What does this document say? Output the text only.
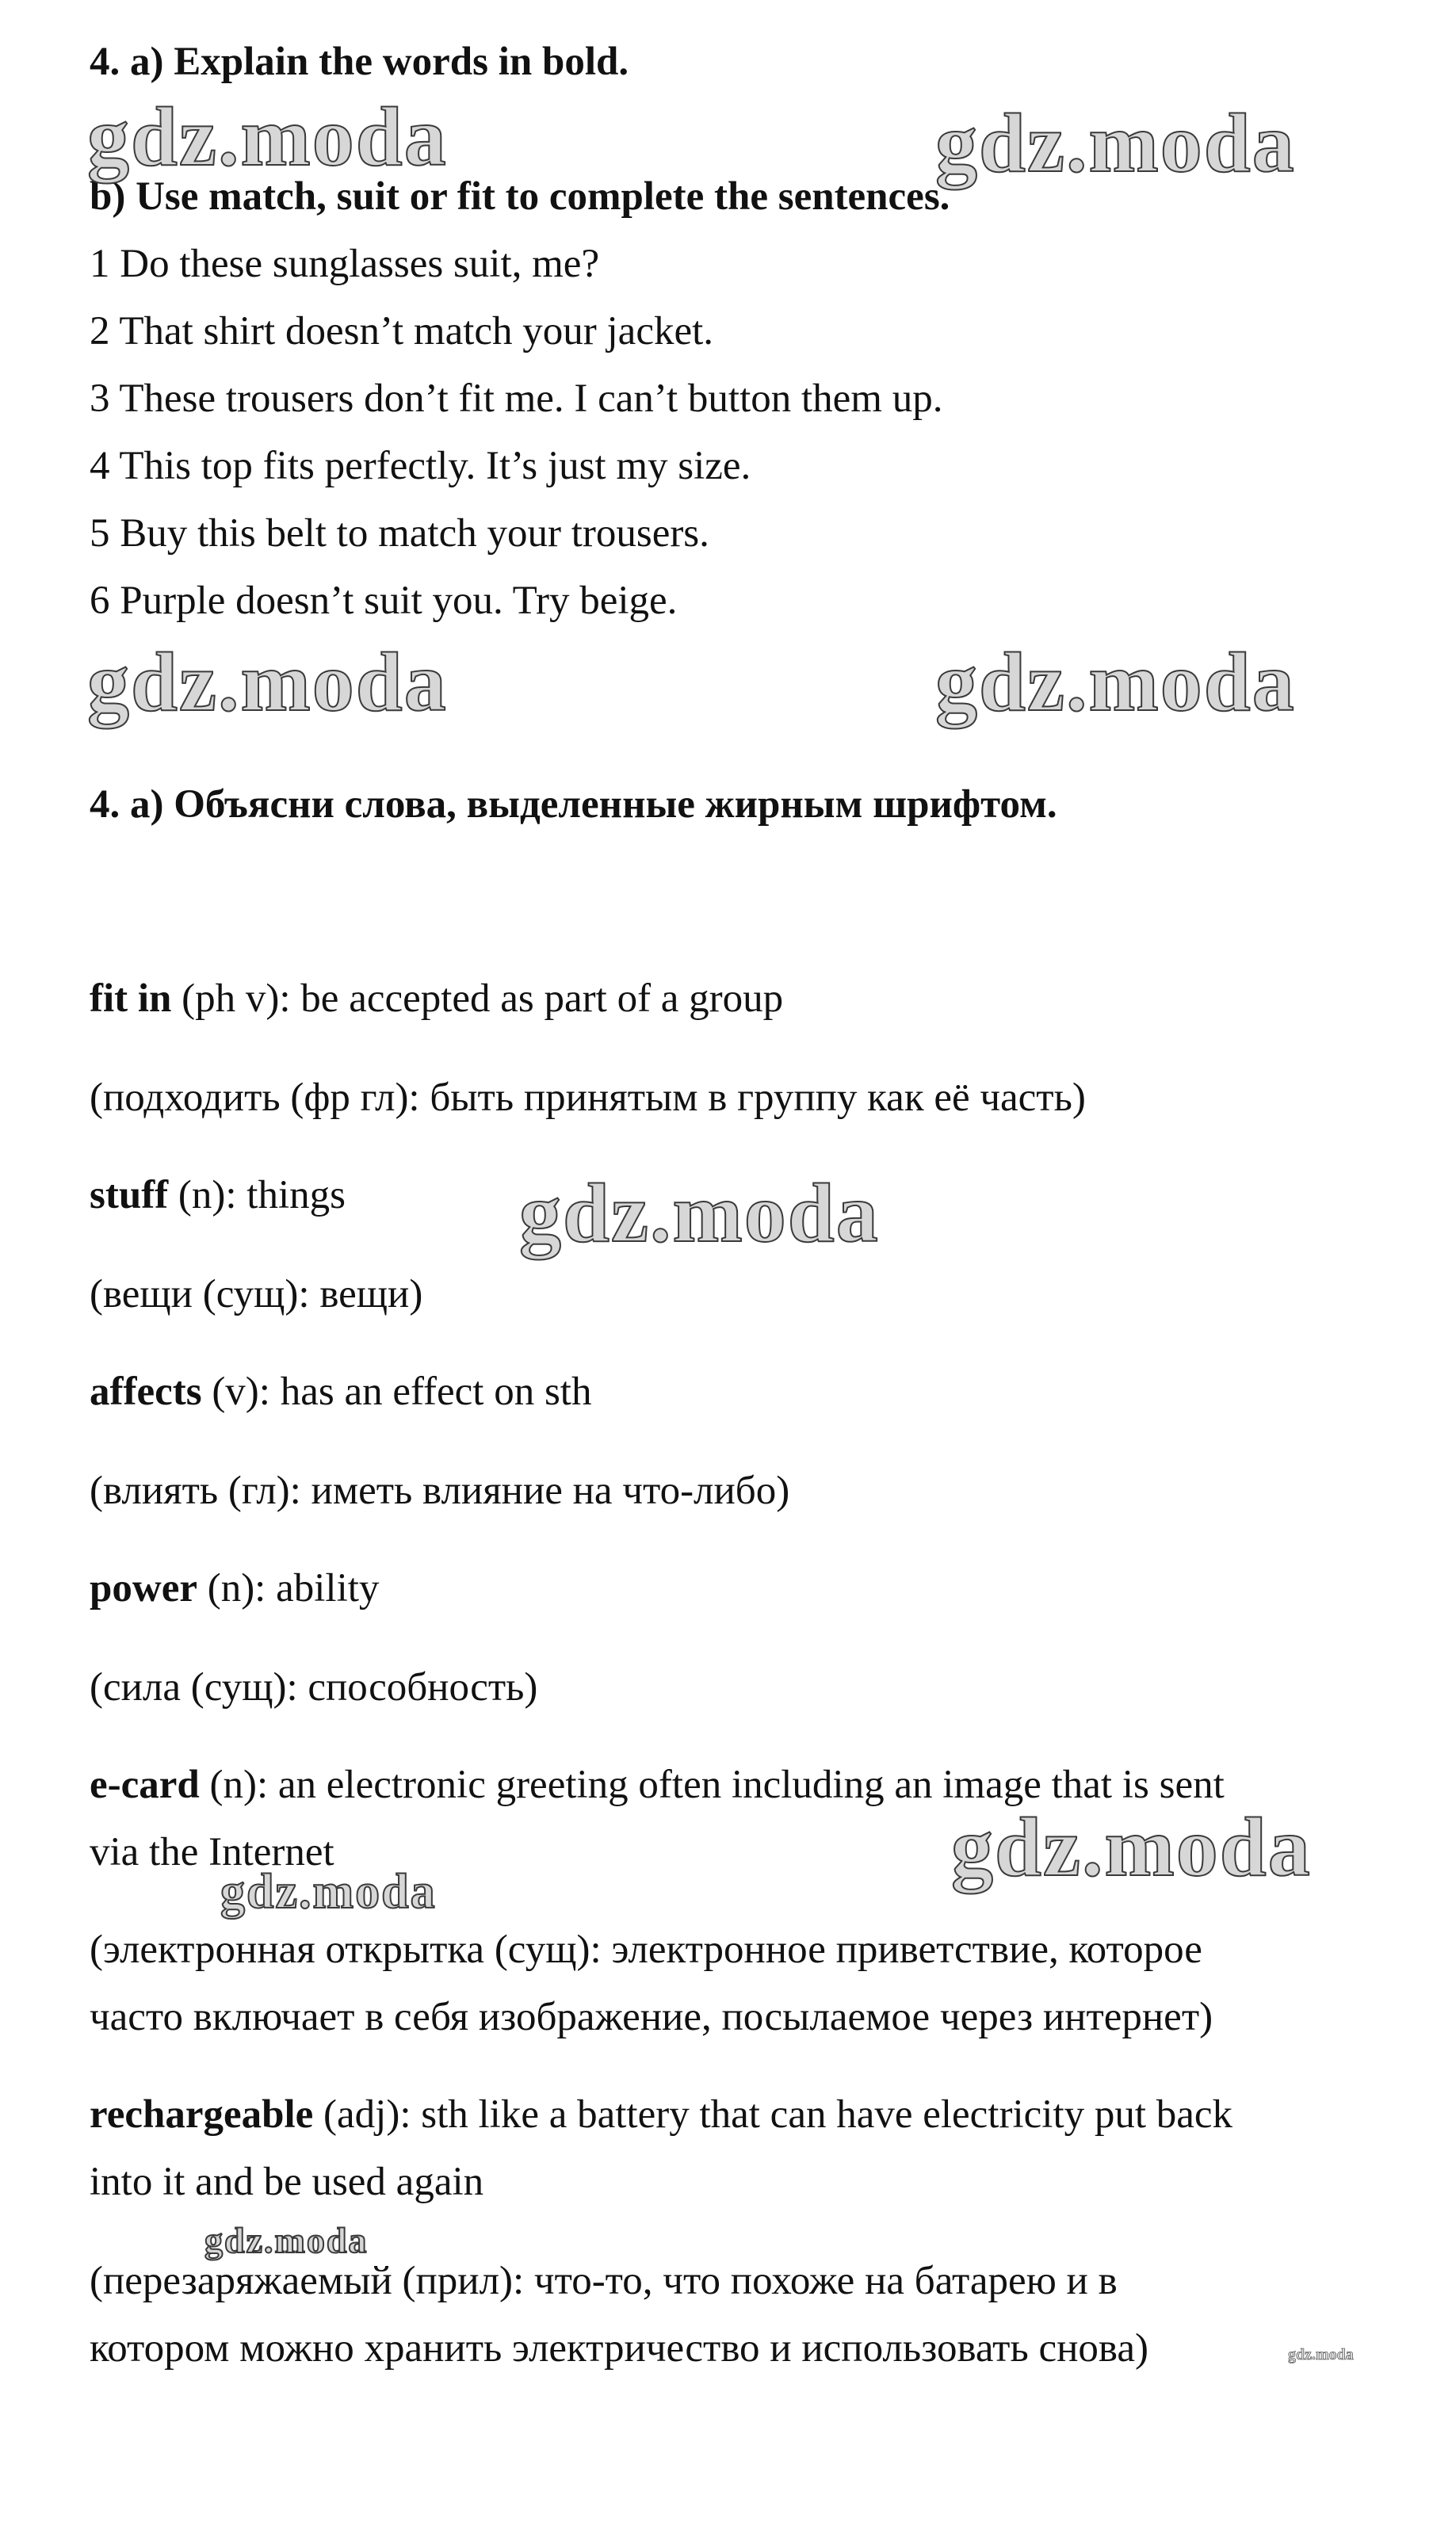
4. a) Explain the words in bold.
b) Use match, suit or fit to complete the sentences.
1 Do these sunglasses suit, me?
2 That shirt doesn’t match your jacket.
3 These trousers don’t fit me. I can’t button them up.
4 This top fits perfectly. It’s just my size.
5 Buy this belt to match your trousers.
6 Purple doesn’t suit you. Try beige.
4. а) Объясни слова, выделенные жирным шрифтом.
fit in (ph v): be accepted as part of a group
(подходить (фр гл): быть принятым в группу как её часть)
stuff (n): things
(вещи (сущ): вещи)
affects (v): has an effect on sth
(влиять (гл): иметь влияние на что-либо)
power (n): ability
(сила (сущ): способность)
e-card (n): an electronic greeting often including an image that is sent
via the Internet
(электронная открытка (сущ): электронное приветствие, которое
часто включает в себя изображение, посылаемое через интернет)
rechargeable (adj): sth like a battery that can have electricity put back
into it and be used again
(перезаряжаемый (прил): что-то, что похоже на батарею и в
котором можно хранить электричество и использовать снова)
gdz.moda	gdz.moda
gdz.moda	gdz.moda
gdz.moda
gdz.moda
gdz.moda
gdz.moda
gdz.moda
